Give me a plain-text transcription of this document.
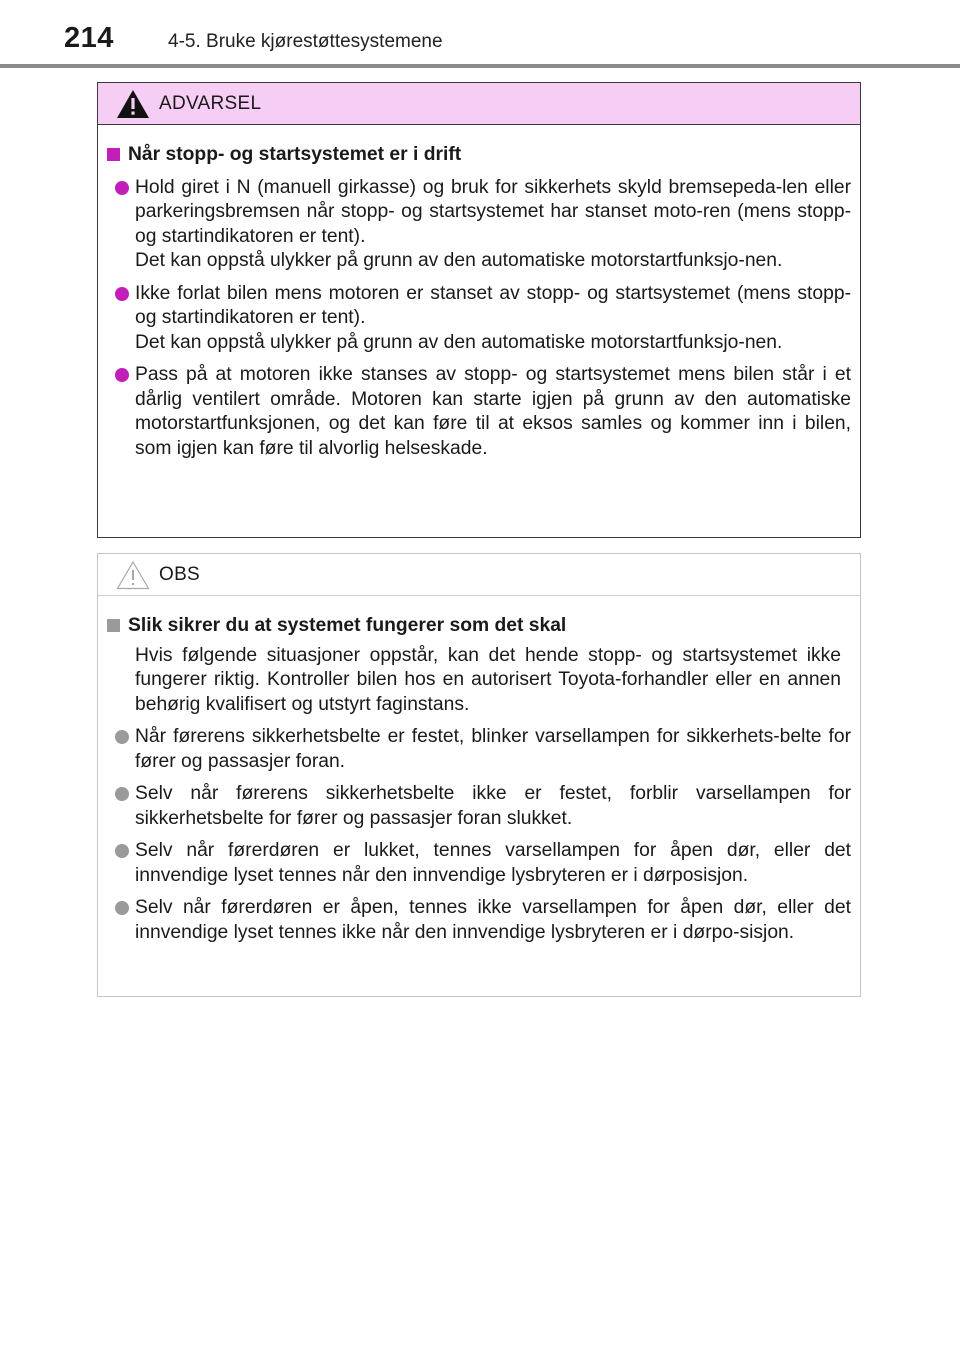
214	4-5. Bruke kjørestøttesystemene
ADVARSEL
Når stopp- og startsystemet er i drift

Hold giret i N (manuell girkasse) og bruk for sikkerhets skyld bremsepeda-len eller parkeringsbremsen når stopp- og startsystemet har stanset moto-ren (mens stopp- og startindikatoren er tent).

Det kan oppstå ulykker på grunn av den automatiske motorstartfunksjo-nen.

Ikke forlat bilen mens motoren er stanset av stopp- og startsystemet (mens stopp- og startindikatoren er tent).

Det kan oppstå ulykker på grunn av den automatiske motorstartfunksjo-nen.

Pass på at motoren ikke stanses av stopp- og startsystemet mens bilen står i et dårlig ventilert område. Motoren kan starte igjen på grunn av den automatiske motorstartfunksjonen, og det kan føre til at eksos samles og kommer inn i bilen, som igjen kan føre til alvorlig helseskade.

OBS
Slik sikrer du at systemet fungerer som det skal

Hvis følgende situasjoner oppstår, kan det hende stopp- og startsystemet ikke fungerer riktig. Kontroller bilen hos en autorisert Toyota-forhandler eller en annen behørig kvalifisert og utstyrt faginstans.

Når førerens sikkerhetsbelte er festet, blinker varsellampen for sikkerhets-belte for fører og passasjer foran.

Selv når førerens sikkerhetsbelte ikke er festet, forblir varsellampen for sikkerhetsbelte for fører og passasjer foran slukket.

Selv når førerdøren er lukket, tennes varsellampen for åpen dør, eller det innvendige lyset tennes når den innvendige lysbryteren er i dørposisjon.

Selv når førerdøren er åpen, tennes ikke varsellampen for åpen dør, eller det innvendige lyset tennes ikke når den innvendige lysbryteren er i dørpo-sisjon.
